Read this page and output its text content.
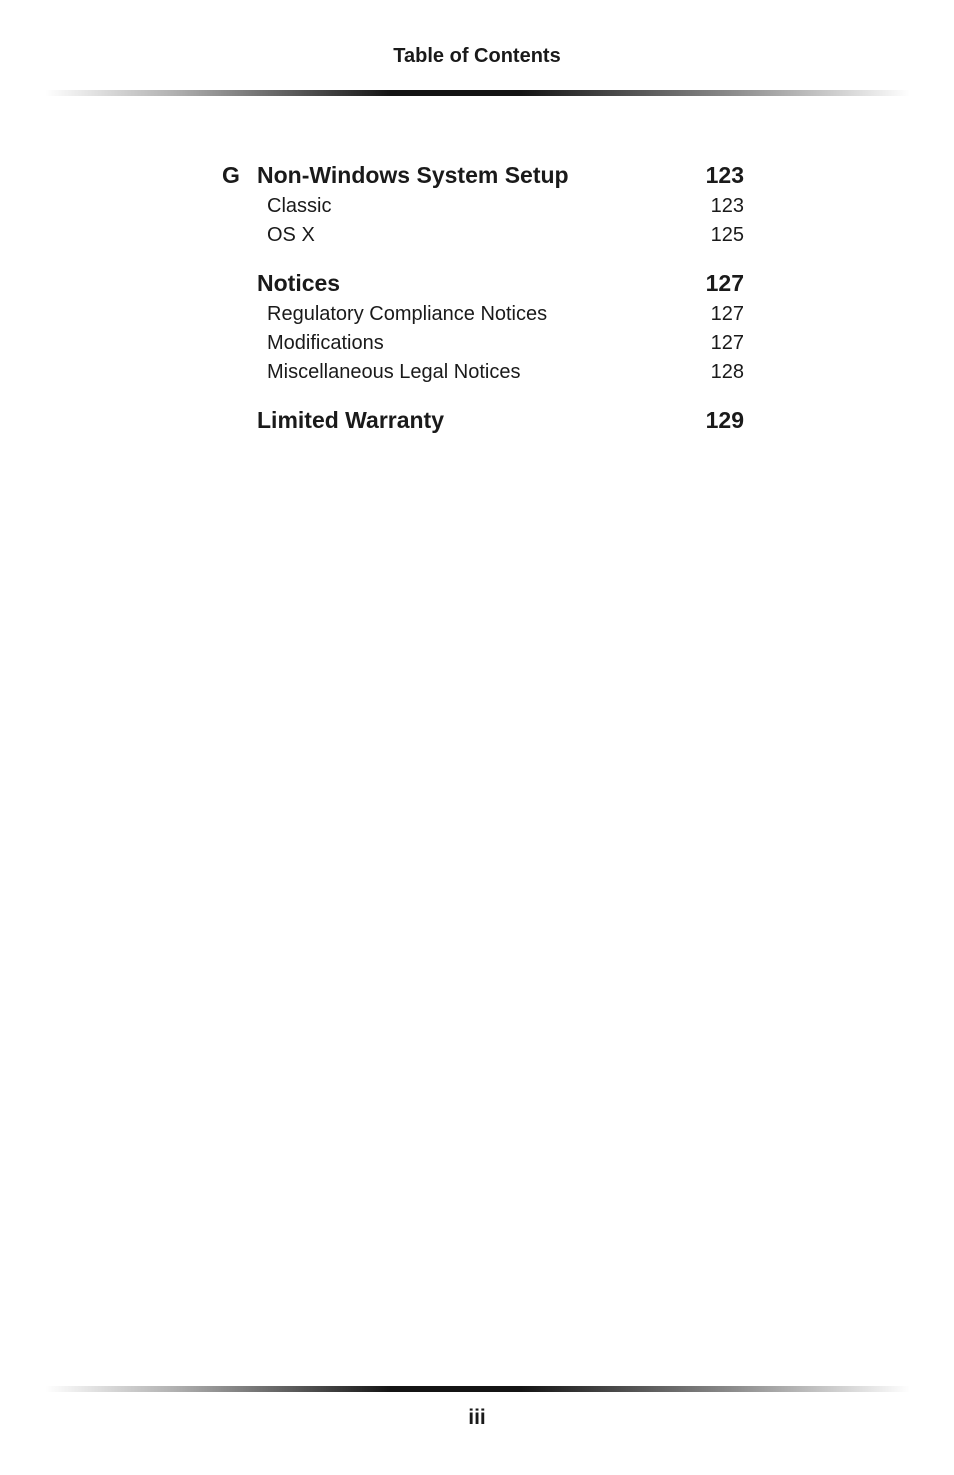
Table of Contents
G Non-Windows System Setup	123
Classic	123
OS X	125
Notices	127
Regulatory Compliance Notices	127
Modifications	127
Miscellaneous Legal Notices	128
Limited Warranty	129
iii
